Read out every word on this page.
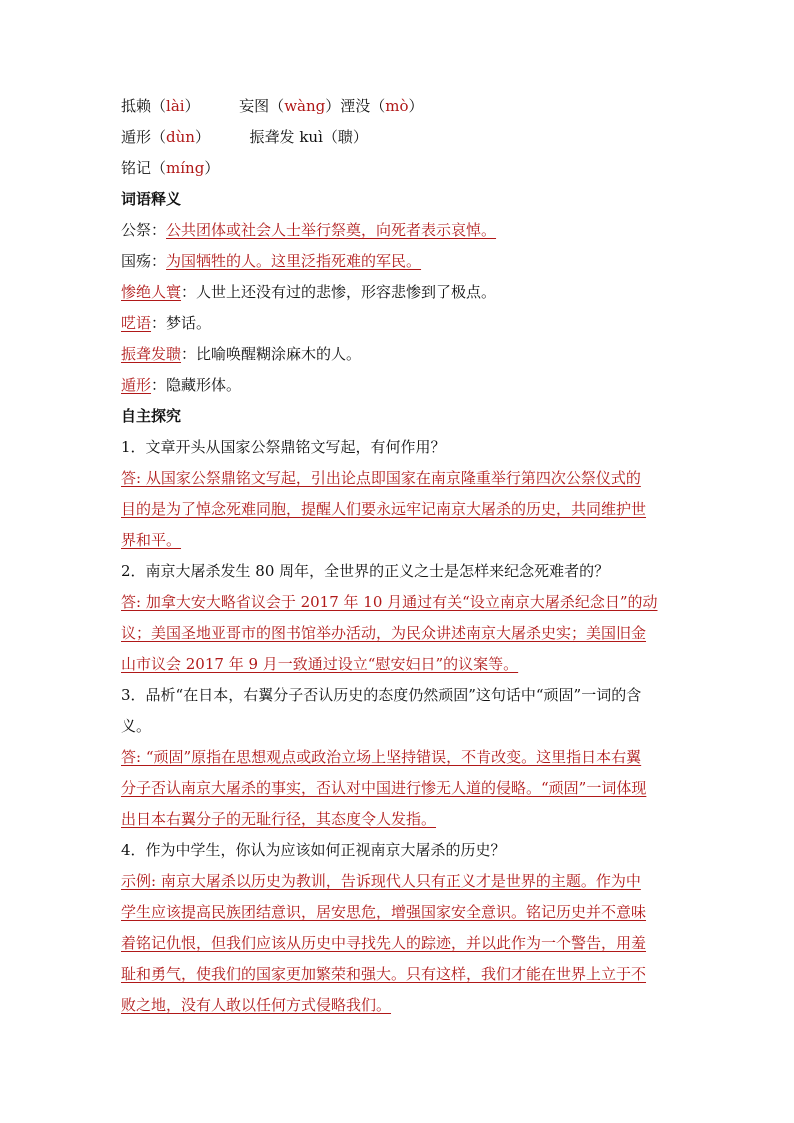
抵赖（lài）	妄图（wàng）湮没（mò）
遁形（dùn）	振聋发 kuì（聩）
铭记（míng）
词语释义
公祭：公共团体或社会人士举行祭奠，向死者表示哀悼。
国殇：为国牺牲的人。这里泛指死难的军民。
惨绝人寰：人世上还没有过的悲惨，形容悲惨到了极点。
呓语：梦话。
振聋发聩：比喻唤醒糊涂麻木的人。
遁形：隐藏形体。
自主探究
1．文章开头从国家公祭鼎铭文写起，有何作用？
答: 从国家公祭鼎铭文写起，引出论点即国家在南京隆重举行第四次公祭仪式的
目的是为了悼念死难同胞，提醒人们要永远牢记南京大屠杀的历史，共同维护世
界和平。
2．南京大屠杀发生 80 周年，全世界的正义之士是怎样来纪念死难者的？
答: 加拿大安大略省议会于 2017 年 10 月通过有关“设立南京大屠杀纪念日”的动
议；美国圣地亚哥市的图书馆举办活动，为民众讲述南京大屠杀史实；美国旧金
山市议会 2017 年 9 月一致通过设立“慰安妇日”的议案等。
3．品析“在日本，右翼分子否认历史的态度仍然顽固”这句话中“顽固”一词的含
义。
答: “顽固”原指在思想观点或政治立场上坚持错误，不肯改变。这里指日本右翼
分子否认南京大屠杀的事实，否认对中国进行惨无人道的侵略。“顽固”一词体现
出日本右翼分子的无耻行径，其态度令人发指。
4．作为中学生，你认为应该如何正视南京大屠杀的历史？
示例: 南京大屠杀以历史为教训，告诉现代人只有正义才是世界的主题。作为中
学生应该提高民族团结意识，居安思危，增强国家安全意识。铭记历史并不意味
着铭记仇恨，但我们应该从历史中寻找先人的踪迹，并以此作为一个警告，用羞
耻和勇气，使我们的国家更加繁荣和强大。只有这样，我们才能在世界上立于不
败之地，没有人敢以任何方式侵略我们。
